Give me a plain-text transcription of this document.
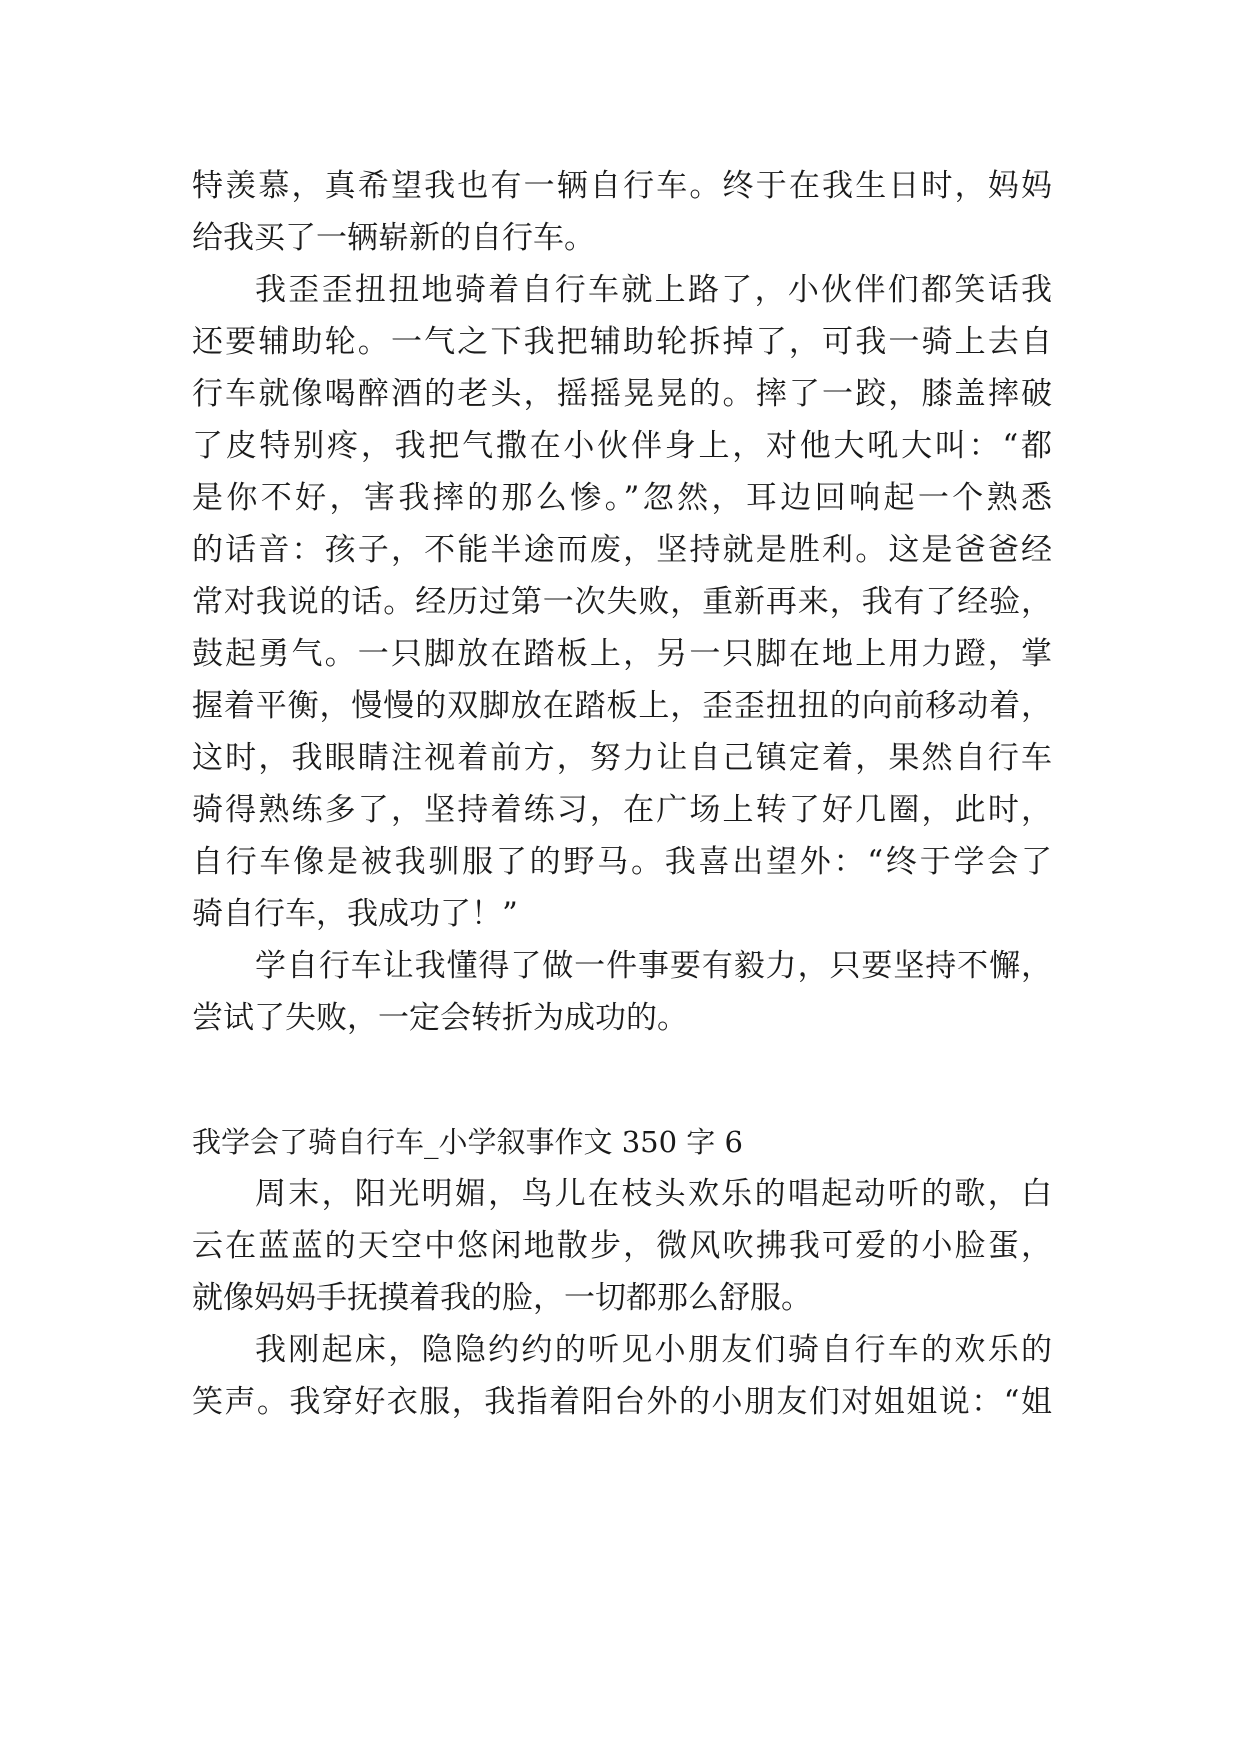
特羡慕，真希望我也有一辆自行车。终于在我生日时，妈妈
给我买了一辆崭新的自行车。
我歪歪扭扭地骑着自行车就上路了，小伙伴们都笑话我
还要辅助轮。一气之下我把辅助轮拆掉了，可我一骑上去自
行车就像喝醉酒的老头，摇摇晃晃的。摔了一跤，膝盖摔破
了皮特别疼，我把气撒在小伙伴身上，对他大吼大叫：“都
是你不好，害我摔的那么惨。”忽然，耳边回响起一个熟悉
的话音：孩子，不能半途而废，坚持就是胜利。这是爸爸经
常对我说的话。经历过第一次失败，重新再来，我有了经验，
鼓起勇气。一只脚放在踏板上，另一只脚在地上用力蹬，掌
握着平衡，慢慢的双脚放在踏板上，歪歪扭扭的向前移动着，
这时，我眼睛注视着前方，努力让自己镇定着，果然自行车
骑得熟练多了，坚持着练习，在广场上转了好几圈，此时，
自行车像是被我驯服了的野马。我喜出望外：“终于学会了
骑自行车，我成功了！”
学自行车让我懂得了做一件事要有毅力，只要坚持不懈，
尝试了失败，一定会转折为成功的。
我学会了骑自行车_小学叙事作文 350 字 6
周末，阳光明媚，鸟儿在枝头欢乐的唱起动听的歌，白
云在蓝蓝的天空中悠闲地散步，微风吹拂我可爱的小脸蛋，
就像妈妈手抚摸着我的脸，一切都那么舒服。
我刚起床，隐隐约约的听见小朋友们骑自行车的欢乐的
笑声。我穿好衣服，我指着阳台外的小朋友们对姐姐说：“姐
